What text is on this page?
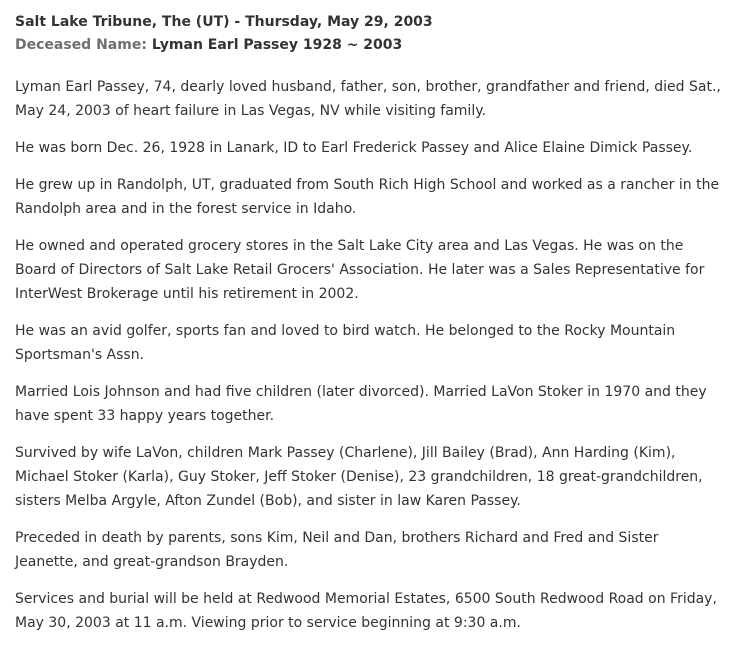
Salt Lake Tribune, The (UT) - Thursday, May 29, 2003
Deceased Name: Lyman Earl Passey 1928 ~ 2003

Lyman Earl Passey, 74, dearly loved husband, father, son, brother, grandfather and friend, died Sat., May 24, 2003 of heart failure in Las Vegas, NV while visiting family.

He was born Dec. 26, 1928 in Lanark, ID to Earl Frederick Passey and Alice Elaine Dimick Passey.

He grew up in Randolph, UT, graduated from South Rich High School and worked as a rancher in the Randolph area and in the forest service in Idaho.

He owned and operated grocery stores in the Salt Lake City area and Las Vegas. He was on the Board of Directors of Salt Lake Retail Grocers' Association. He later was a Sales Representative for InterWest Brokerage until his retirement in 2002.

He was an avid golfer, sports fan and loved to bird watch. He belonged to the Rocky Mountain Sportsman's Assn.

Married Lois Johnson and had five children (later divorced). Married LaVon Stoker in 1970 and they have spent 33 happy years together.

Survived by wife LaVon, children Mark Passey (Charlene), Jill Bailey (Brad), Ann Harding (Kim), Michael Stoker (Karla), Guy Stoker, Jeff Stoker (Denise), 23 grandchildren, 18 great-grandchildren, sisters Melba Argyle, Afton Zundel (Bob), and sister in law Karen Passey.

Preceded in death by parents, sons Kim, Neil and Dan, brothers Richard and Fred and Sister Jeanette, and great-grandson Brayden.

Services and burial will be held at Redwood Memorial Estates, 6500 South Redwood Road on Friday, May 30, 2003 at 11 a.m. Viewing prior to service beginning at 9:30 a.m.
